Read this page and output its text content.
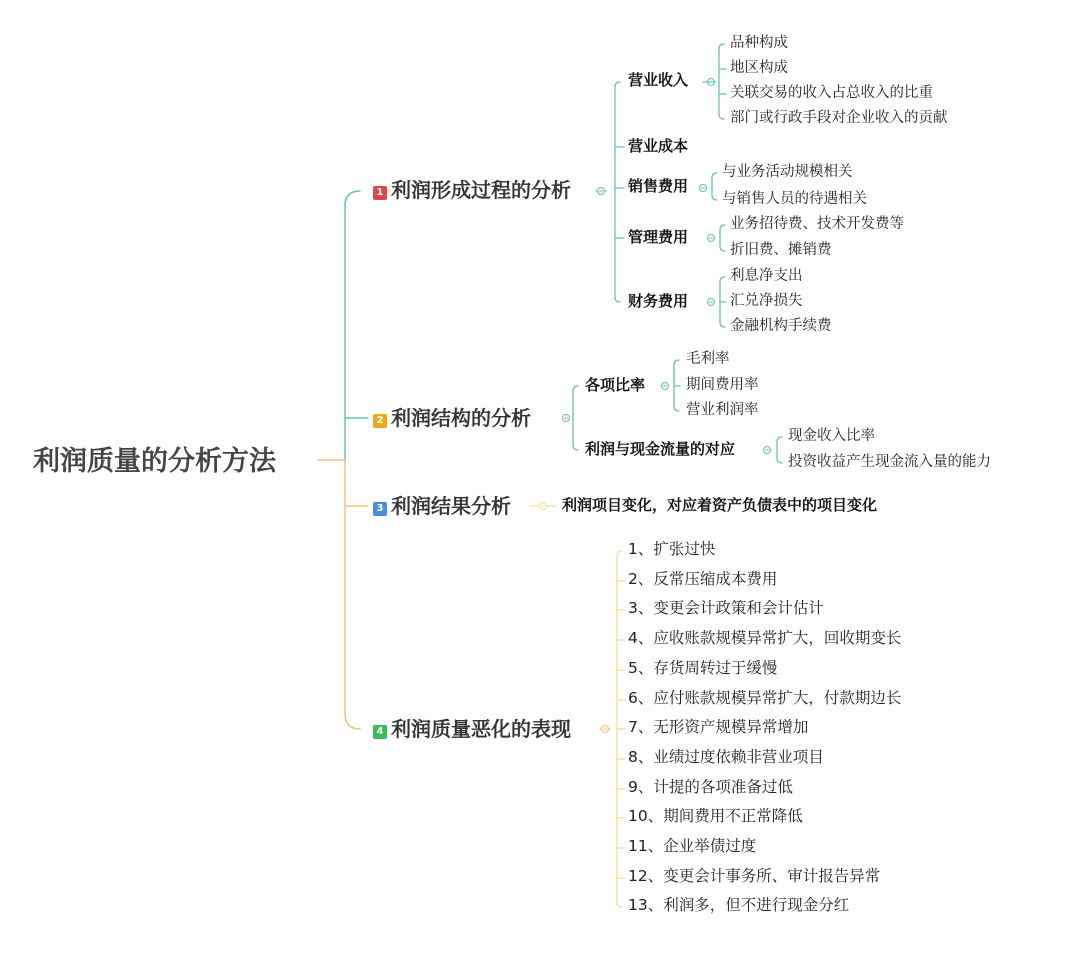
利润质量的分析方法
1 利润形成过程的分析
营业收入
品种构成
地区构成
关联交易的收入占总收入的比重
部门或行政手段对企业收入的贡献
营业成本
销售费用
与业务活动规模相关
与销售人员的待遇相关
管理费用
业务招待费、技术开发费等
折旧费、摊销费
财务费用
利息净支出
汇兑净损失
金融机构手续费
2 利润结构的分析
各项比率
毛利率
期间费用率
营业利润率
利润与现金流量的对应
现金收入比率
投资收益产生现金流入量的能力
3 利润结果分析	利润项目变化，对应着资产负债表中的项目变化
4 利润质量恶化的表现
1、扩张过快
2、反常压缩成本费用
3、变更会计政策和会计估计
4、应收账款规模异常扩大，回收期变长
5、存货周转过于缓慢
6、应付账款规模异常扩大，付款期边长
7、无形资产规模异常增加
8、业绩过度依赖非营业项目
9、计提的各项准备过低
10、期间费用不正常降低
11、企业举债过度
12、变更会计事务所、审计报告异常
13、利润多，但不进行现金分红
